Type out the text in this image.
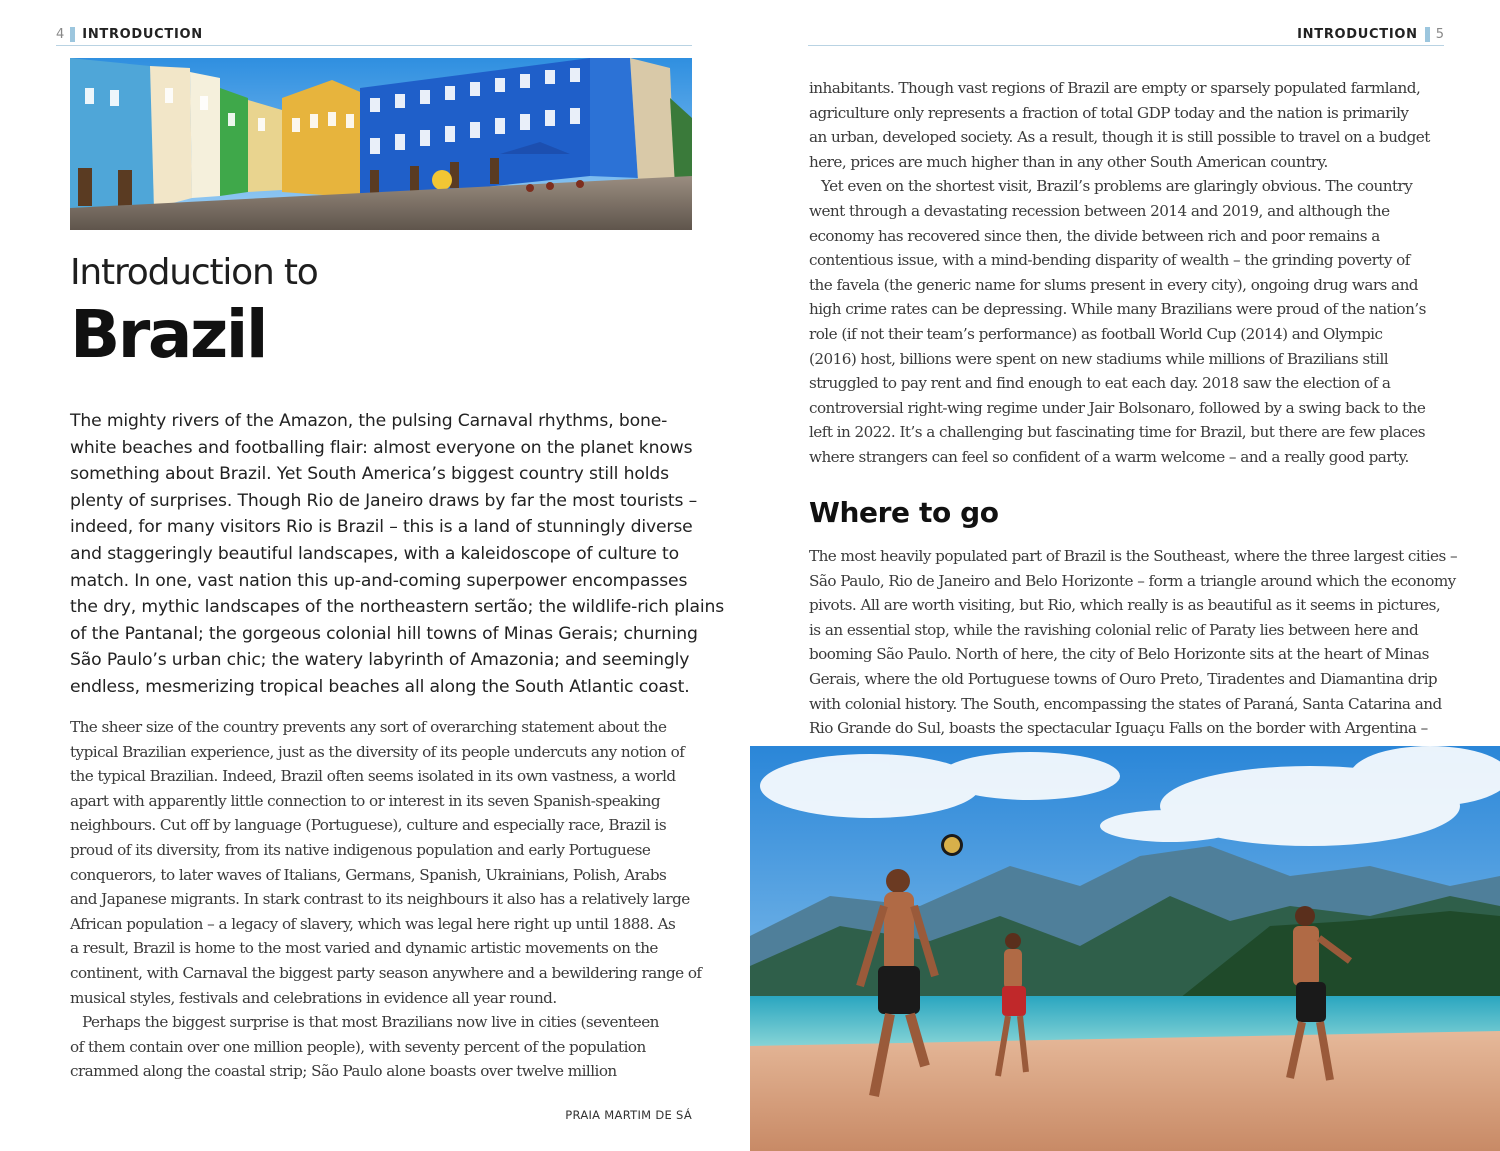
4 INTRODUCTION
Introduction to
Brazil
The mighty rivers of the Amazon, the pulsing Carnaval rhythms, bone-
white beaches and footballing flair: almost everyone on the planet knows
something about Brazil. Yet South America’s biggest country still holds
plenty of surprises. Though Rio de Janeiro draws by far the most tourists –
indeed, for many visitors Rio is Brazil – this is a land of stunningly diverse
and staggeringly beautiful landscapes, with a kaleidoscope of culture to
match. In one, vast nation this up-and-coming superpower encompasses
the dry, mythic landscapes of the northeastern sertão; the wildlife-rich plains
of the Pantanal; the gorgeous colonial hill towns of Minas Gerais; churning
São Paulo’s urban chic; the watery labyrinth of Amazonia; and seemingly
endless, mesmerizing tropical beaches all along the South Atlantic coast.
The sheer size of the country prevents any sort of overarching statement about the
typical Brazilian experience, just as the diversity of its people undercuts any notion of
the typical Brazilian. Indeed, Brazil often seems isolated in its own vastness, a world
apart with apparently little connection to or interest in its seven Spanish-speaking
neighbours. Cut off by language (Portuguese), culture and especially race, Brazil is
proud of its diversity, from its native indigenous population and early Portuguese
conquerors, to later waves of Italians, Germans, Spanish, Ukrainians, Polish, Arabs
and Japanese migrants. In stark contrast to its neighbours it also has a relatively large
African population – a legacy of slavery, which was legal here right up until 1888. As
a result, Brazil is home to the most varied and dynamic artistic movements on the
continent, with Carnaval the biggest party season anywhere and a bewildering range of
musical styles, festivals and celebrations in evidence all year round.
Perhaps the biggest surprise is that most Brazilians now live in cities (seventeen
of them contain over one million people), with seventy percent of the population
crammed along the coastal strip; São Paulo alone boasts over twelve million
PRAIA MARTIM DE SÁ
INTRODUCTION 5
inhabitants. Though vast regions of Brazil are empty or sparsely populated farmland,
agriculture only represents a fraction of total GDP today and the nation is primarily
an urban, developed society. As a result, though it is still possible to travel on a budget
here, prices are much higher than in any other South American country.
Yet even on the shortest visit, Brazil’s problems are glaringly obvious. The country
went through a devastating recession between 2014 and 2019, and although the
economy has recovered since then, the divide between rich and poor remains a
contentious issue, with a mind-bending disparity of wealth – the grinding poverty of
the favela (the generic name for slums present in every city), ongoing drug wars and
high crime rates can be depressing. While many Brazilians were proud of the nation’s
role (if not their team’s performance) as football World Cup (2014) and Olympic
(2016) host, billions were spent on new stadiums while millions of Brazilians still
struggled to pay rent and find enough to eat each day. 2018 saw the election of a
controversial right-wing regime under Jair Bolsonaro, followed by a swing back to the
left in 2022. It’s a challenging but fascinating time for Brazil, but there are few places
where strangers can feel so confident of a warm welcome – and a really good party.
Where to go
The most heavily populated part of Brazil is the Southeast, where the three largest cities –
São Paulo, Rio de Janeiro and Belo Horizonte – form a triangle around which the economy
pivots. All are worth visiting, but Rio, which really is as beautiful as it seems in pictures,
is an essential stop, while the ravishing colonial relic of Paraty lies between here and
booming São Paulo. North of here, the city of Belo Horizonte sits at the heart of Minas
Gerais, where the old Portuguese towns of Ouro Preto, Tiradentes and Diamantina drip
with colonial history. The South, encompassing the states of Paraná, Santa Catarina and
Rio Grande do Sul, boasts the spectacular Iguaçu Falls on the border with Argentina –
